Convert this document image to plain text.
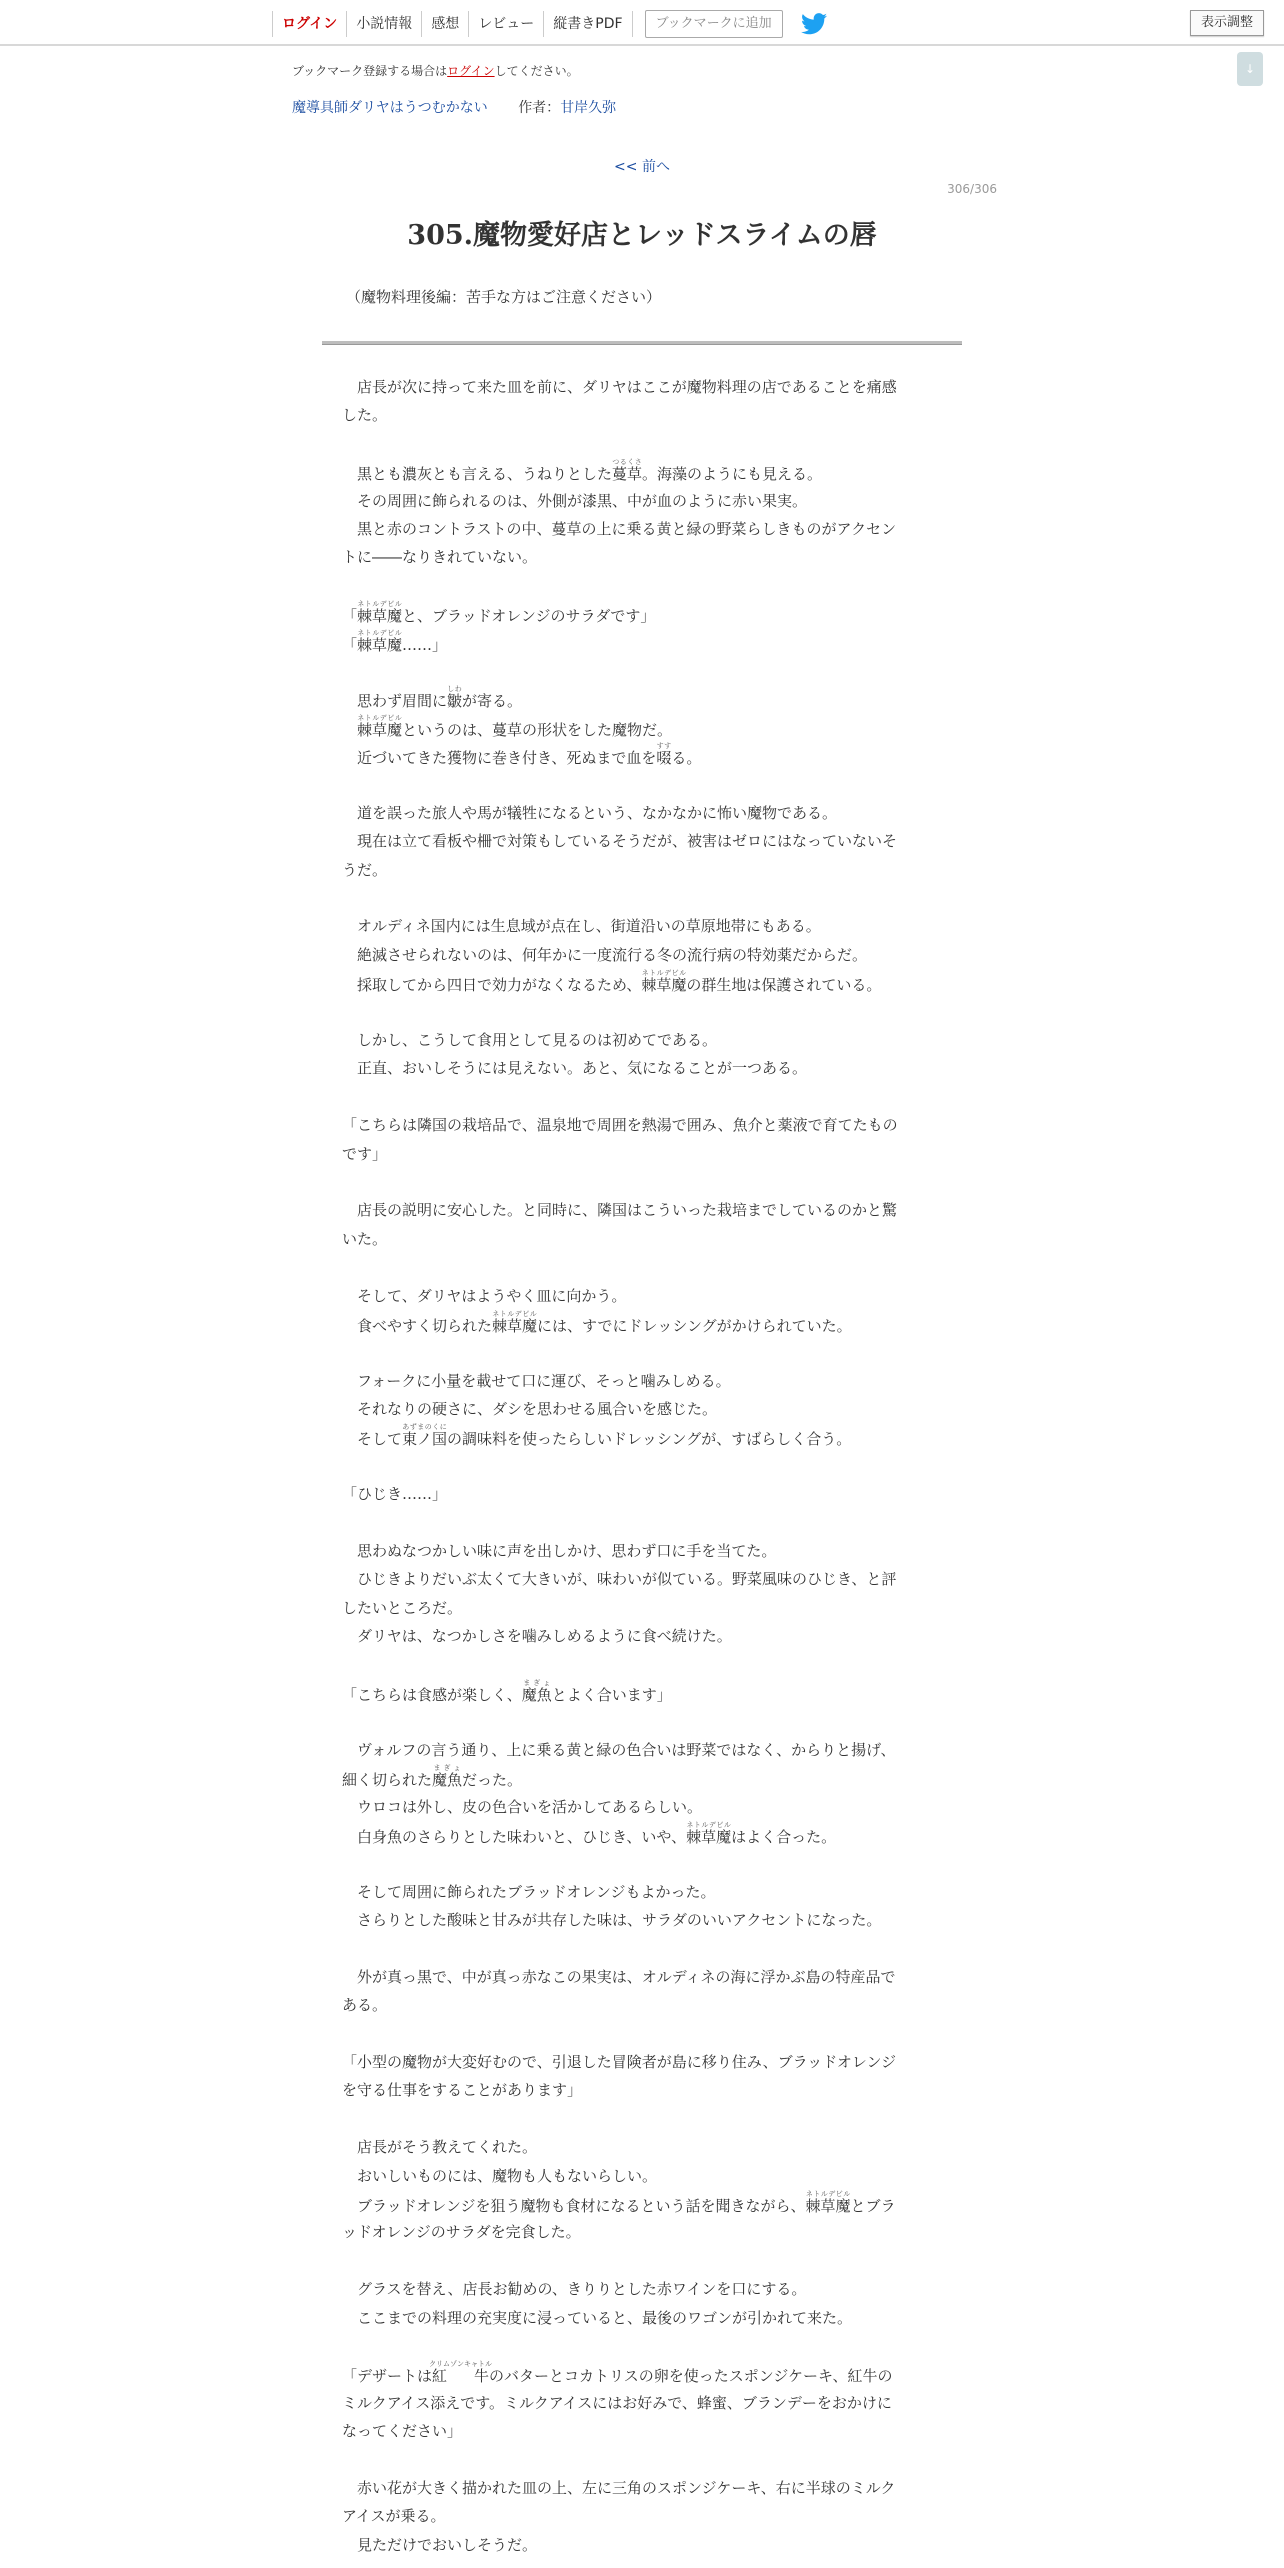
ログイン	小説情報	感想	レビュー	縦書きPDF	ブックマークに追加	表示調整
↓
ブックマーク登録する場合はログインしてください。
魔導具師ダリヤはうつむかない 作者：甘岸久弥
<< 前へ
306/306
305.魔物愛好店とレッドスライムの唇
（魔物料理後編：苦手な方はご注意ください）
　店長が次に持って来た皿を前に、ダリヤはここが魔物料理の店であることを痛感
した。
　黒とも濃灰とも言える、うねりとした蔓草つるくさ。海藻のようにも見える。
　その周囲に飾られるのは、外側が漆黒、中が血のように赤い果実。
　黒と赤のコントラストの中、蔓草の上に乗る黄と緑の野菜らしきものがアクセン
トに――なりきれていない。
「棘草魔ネトルデビルと、ブラッドオレンジのサラダです」
「棘草魔ネトルデビル……」
　思わず眉間に皺しわが寄る。
　棘草魔ネトルデビルというのは、蔓草の形状をした魔物だ。
　近づいてきた獲物に巻き付き、死ぬまで血を啜すする。
　道を誤った旅人や馬が犠牲になるという、なかなかに怖い魔物である。
　現在は立て看板や柵で対策もしているそうだが、被害はゼロにはなっていないそ
うだ。
　オルディネ国内には生息域が点在し、街道沿いの草原地帯にもある。
　絶滅させられないのは、何年かに一度流行る冬の流行病の特効薬だからだ。
　採取してから四日で効力がなくなるため、棘草魔ネトルデビルの群生地は保護されている。
　しかし、こうして食用として見るのは初めてである。
　正直、おいしそうには見えない。あと、気になることが一つある。
「こちらは隣国の栽培品で、温泉地で周囲を熱湯で囲み、魚介と薬液で育てたもの
です」
　店長の説明に安心した。と同時に、隣国はこういった栽培までしているのかと驚
いた。
　そして、ダリヤはようやく皿に向かう。
　食べやすく切られた棘草魔ネトルデビルには、すでにドレッシングがかけられていた。
　フォークに小量を載せて口に運び、そっと噛みしめる。
　それなりの硬さに、ダシを思わせる風合いを感じた。
　そして東ノ国あずまのくにの調味料を使ったらしいドレッシングが、すばらしく合う。
「ひじき……」
　思わぬなつかしい味に声を出しかけ、思わず口に手を当てた。
　ひじきよりだいぶ太くて大きいが、味わいが似ている。野菜風味のひじき、と評
したいところだ。
　ダリヤは、なつかしさを噛みしめるように食べ続けた。
「こちらは食感が楽しく、魔魚まぎょとよく合います」
　ヴォルフの言う通り、上に乗る黄と緑の色合いは野菜ではなく、からりと揚げ、
細く切られた魔魚まぎょだった。
　ウロコは外し、皮の色合いを活かしてあるらしい。
　白身魚のさらりとした味わいと、ひじき、いや、棘草魔ネトルデビルはよく合った。
　そして周囲に飾られたブラッドオレンジもよかった。
　さらりとした酸味と甘みが共存した味は、サラダのいいアクセントになった。
　外が真っ黒で、中が真っ赤なこの果実は、オルディネの海に浮かぶ島の特産品で
ある。
「小型の魔物が大変好むので、引退した冒険者が島に移り住み、ブラッドオレンジ
を守る仕事をすることがあります」
　店長がそう教えてくれた。
　おいしいものには、魔物も人もないらしい。
　ブラッドオレンジを狙う魔物も食材になるという話を聞きながら、棘草魔ネトルデビルとブラ
ッドオレンジのサラダを完食した。
　グラスを替え、店長お勧めの、きりりとした赤ワインを口にする。
　ここまでの料理の充実度に浸っていると、最後のワゴンが引かれて来た。
「デザートは紅　牛クリムゾンキャトルのバターとコカトリスの卵を使ったスポンジケーキ、紅牛の
ミルクアイス添えです。ミルクアイスにはお好みで、蜂蜜、ブランデーをおかけに
なってください」
　赤い花が大きく描かれた皿の上、左に三角のスポンジケーキ、右に半球のミルク
アイスが乗る。
　見ただけでおいしそうだ。
